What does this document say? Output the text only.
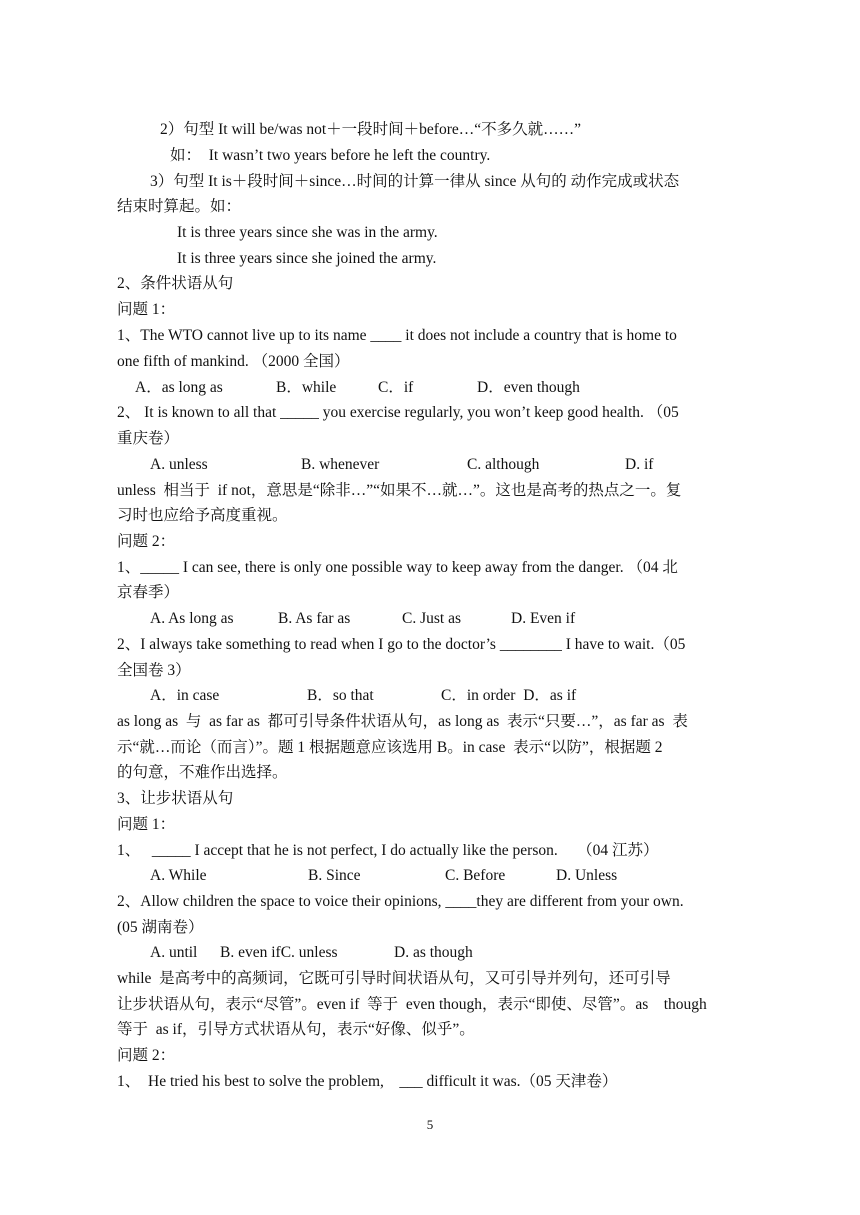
2）句型 It will be/was not＋一段时间＋before…“不多久就……”
如：  It wasn’t two years before he left the country.
3）句型 It is＋段时间＋since…时间的计算一律从 since 从句的 动作完成或状态
结束时算起。如：
It is three years since she was in the army.
It is three years since she joined the army.
2、条件状语从句
问题 1：
1、The WTO cannot live up to its name ____ it does not include a country that is home to
one fifth of mankind. （2000 全国）
A．as long as	B．while	C．if	D．even though
2、 It is known to all that _____ you exercise regularly, you won’t keep good health. （05
重庆卷）
A. unless	B. whenever	C. although	D. if
unless  相当于  if not，意思是“除非…”“如果不…就…”。这也是高考的热点之一。复
习时也应给予高度重视。
问题 2：
1、_____ I can see, there is only one possible way to keep away from the danger. （04 北
京春季）
A. As long as	B. As far as	C. Just as	D. Even if
2、I always take something to read when I go to the doctor’s ________ I have to wait.（05
全国卷 3）
A．in case	B．so that	C．in order  D．as if
as long as  与  as far as  都可引导条件状语从句，as long as  表示“只要…”，as far as  表
示“就…而论（而言）”。题 1 根据题意应该选用 B。in case  表示“以防”，根据题 2
的句意，不难作出选择。
3、让步状语从句
问题 1：
1、   _____ I accept that he is not perfect, I do actually like the person.     （04 江苏）
A. While	B. Since	C. Before	D. Unless
2、Allow children the space to voice their opinions, ____they are different from your own.
(05 湖南卷）
A. until B. even ifC. unless	D. as though
while  是高考中的高频词，它既可引导时间状语从句，又可引导并列句，还可引导
让步状语从句，表示“尽管”。even if  等于  even though，表示“即使、尽管”。as    though
等于  as if，引导方式状语从句，表示“好像、似乎”。
问题 2：
1、  He tried his best to solve the problem,    ___ difficult it was.（05 天津卷）
5
